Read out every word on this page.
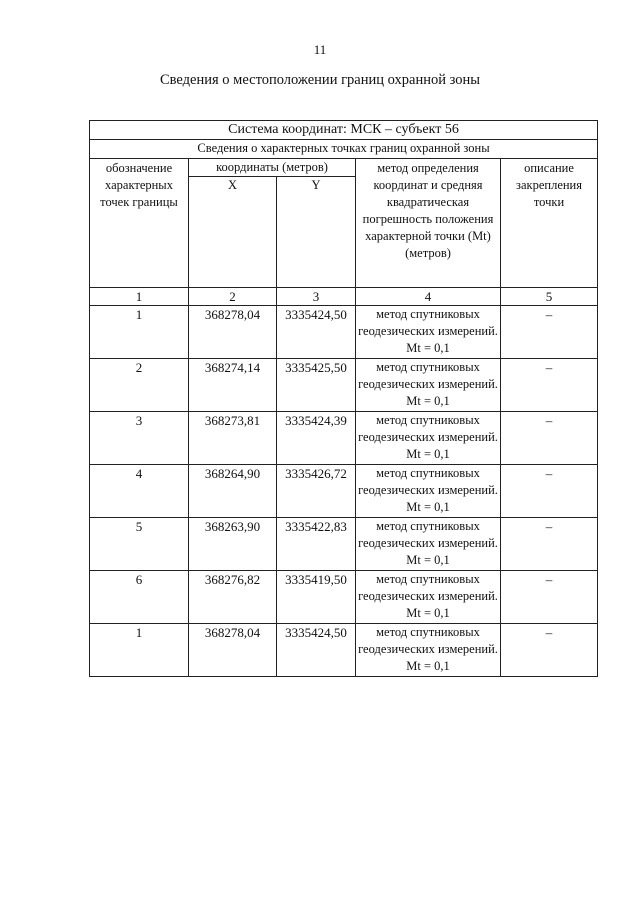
11
Сведения о местоположении границ охранной зоны
Система координат: МСК – субъект 56				
Сведения о характерных точках границ охранной зоны				
обозначение характерных точек границы	координаты (метров)		метод определения координат и средняя квадратическая погрешность положения характерной точки (Mt) (метров)	описание закрепления точки
	X	Y		
1	2	3	4	5
1	368278,04	3335424,50	метод спутниковых геодезических измерений. Mt = 0,1	–
2	368274,14	3335425,50	метод спутниковых геодезических измерений. Mt = 0,1	–
3	368273,81	3335424,39	метод спутниковых геодезических измерений. Mt = 0,1	–
4	368264,90	3335426,72	метод спутниковых геодезических измерений. Mt = 0,1	–
5	368263,90	3335422,83	метод спутниковых геодезических измерений. Mt = 0,1	–
6	368276,82	3335419,50	метод спутниковых геодезических измерений. Mt = 0,1	–
1	368278,04	3335424,50	метод спутниковых геодезических измерений. Mt = 0,1	–
